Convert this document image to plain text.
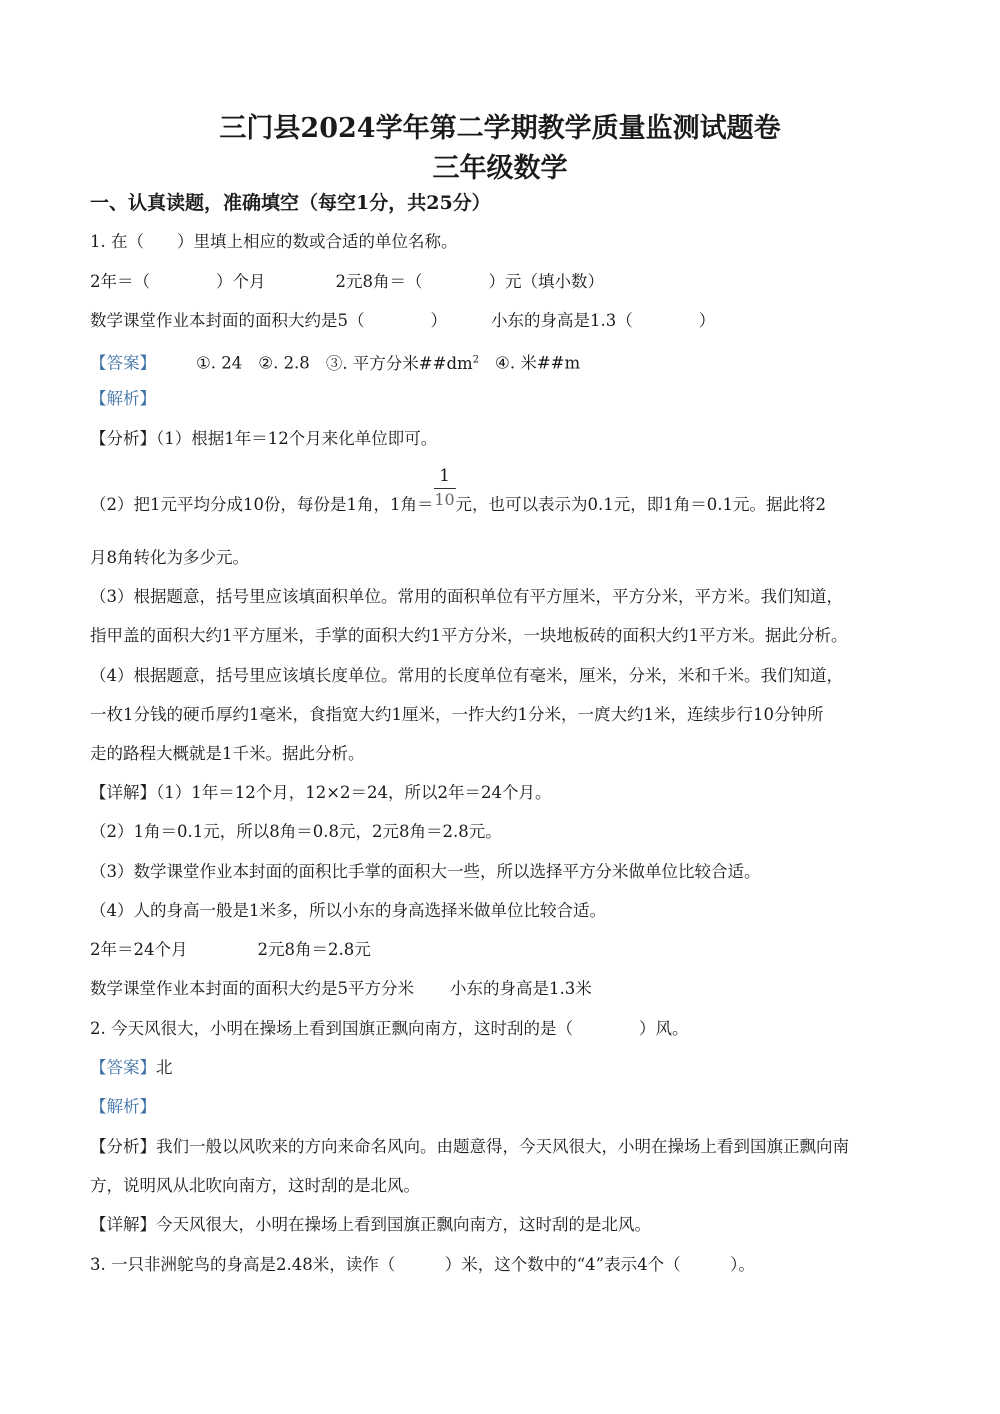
三门县2024学年第二学期教学质量监测试题卷
三年级数学
一、认真读题，准确填空（每空1分，共25分）
1. 在（　　）里填上相应的数或合适的单位名称。
2年＝（　　　　）个月	2元8角＝（　　　　）元（填小数）
数学课堂作业本封面的面积大约是5（　　　　）	小东的身高是1.3（　　　　）
【答案】 ①. 24 ②. 2.8 ③. 平方分米$\#\#dm^2$ ④. 米##m
【解析】
【分析】（1）根据1年＝12个月来化单位即可。
（2）把1元平均分成10份，每份是1角，1角＝ $\frac{1}{10}$ 元，也可以表示为0.1元，即1角＝0.1元。据此将2
月8角转化为多少元。
（3）根据题意，括号里应该填面积单位。常用的面积单位有平方厘米，平方分米，平方米。我们知道，
指甲盖的面积大约1平方厘米，手掌的面积大约1平方分米，一块地板砖的面积大约1平方米。据此分析。
（4）根据题意，括号里应该填长度单位。常用的长度单位有毫米，厘米，分米，米和千米。我们知道，
一枚1分钱的硬币厚约1毫米，食指宽大约1厘米，一拃大约1分米，一庹大约1米，连续步行10分钟所
走的路程大概就是1千米。据此分析。
【详解】（1）1年＝12个月，12×2＝24，所以2年＝24个月。
（2）1角＝0.1元，所以8角＝0.8元，2元8角＝2.8元。
（3）数学课堂作业本封面的面积比手掌的面积大一些，所以选择平方分米做单位比较合适。
（4）人的身高一般是1米多，所以小东的身高选择米做单位比较合适。
2年＝24个月	2元8角＝2.8元
数学课堂作业本封面的面积大约是5平方分米 小东的身高是1.3米
2. 今天风很大，小明在操场上看到国旗正飘向南方，这时刮的是（　　　　）风。
【答案】北
【解析】
【分析】我们一般以风吹来的方向来命名风向。由题意得，今天风很大，小明在操场上看到国旗正飘向南
方，说明风从北吹向南方，这时刮的是北风。
【详解】今天风很大，小明在操场上看到国旗正飘向南方，这时刮的是北风。
3. 一只非洲鸵鸟的身高是2.48米，读作（　　　）米，这个数中的“4”表示4个（　　　）。
